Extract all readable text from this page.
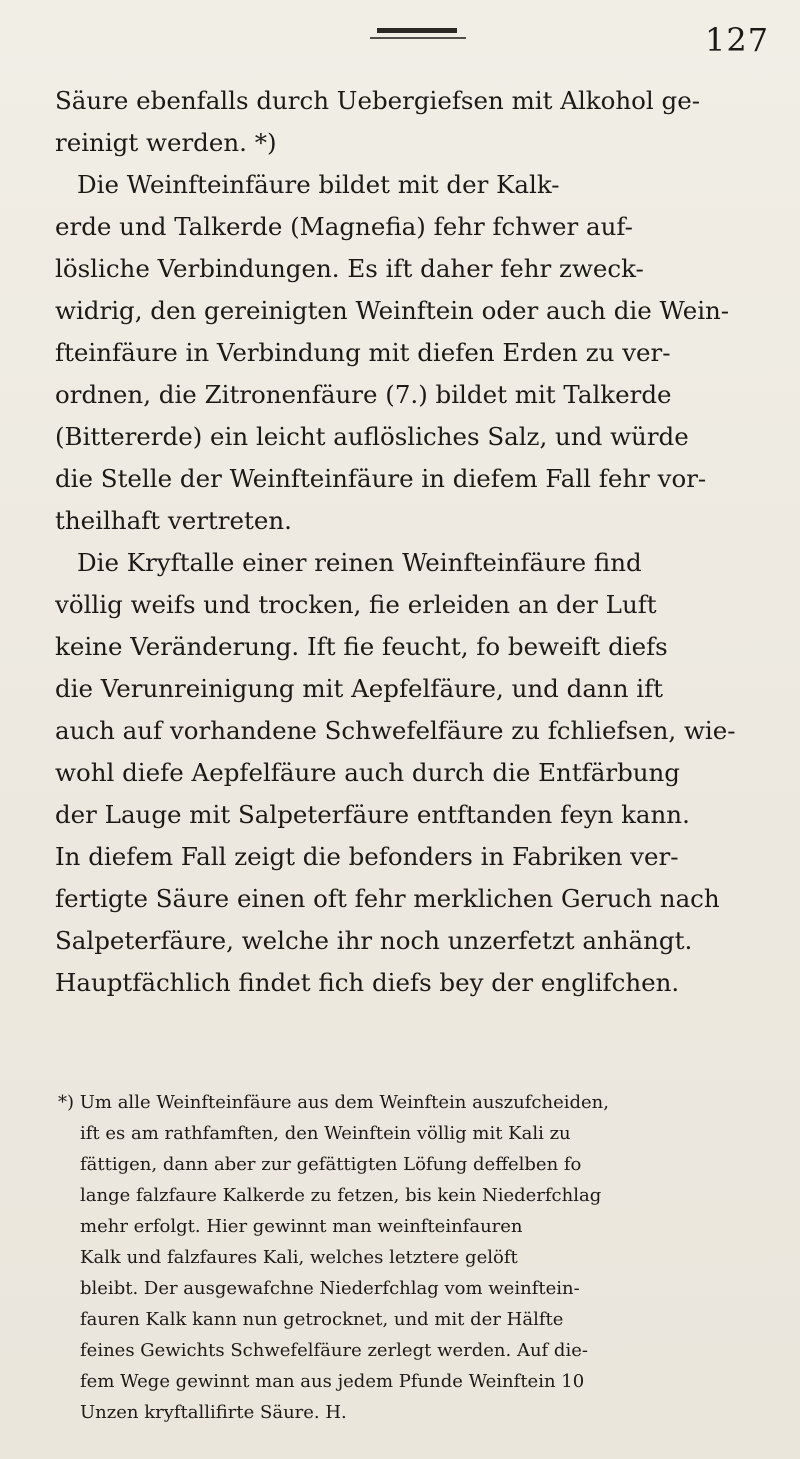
127
Säure ebenfalls durch Uebergiefsen mit Alkohol ge-
reinigt werden. *)
Die Weinfteinfäure bildet mit der Kalk-
erde und Talkerde (Magnefia) fehr fchwer auf-
lösliche Verbindungen. Es ift daher fehr zweck-
widrig, den gereinigten Weinftein oder auch die Wein-
fteinfäure in Verbindung mit diefen Erden zu ver-
ordnen, die Zitronenfäure (7.) bildet mit Talkerde
(Bittererde) ein leicht auflösliches Salz, und würde
die Stelle der Weinfteinfäure in diefem Fall fehr vor-
theilhaft vertreten.
Die Kryftalle einer reinen Weinfteinfäure find
völlig weifs und trocken, fie erleiden an der Luft
keine Veränderung. Ift fie feucht, fo beweift diefs
die Verunreinigung mit Aepfelfäure, und dann ift
auch auf vorhandene Schwefelfäure zu fchliefsen, wie-
wohl diefe Aepfelfäure auch durch die Entfärbung
der Lauge mit Salpeterfäure entftanden feyn kann.
In diefem Fall zeigt die befonders in Fabriken ver-
fertigte Säure einen oft fehr merklichen Geruch nach
Salpeterfäure, welche ihr noch unzerfetzt anhängt.
Hauptfächlich findet fich diefs bey der englifchen.
*) Um alle Weinfteinfäure aus dem Weinftein auszufcheiden,
ift es am rathfamften, den Weinftein völlig mit Kali zu
fättigen, dann aber zur gefättigten Löfung deffelben fo
lange falzfaure Kalkerde zu fetzen, bis kein Niederfchlag
mehr erfolgt. Hier gewinnt man weinfteinfauren
Kalk und falzfaures Kali, welches letztere gelöft
bleibt. Der ausgewafchne Niederfchlag vom weinftein-
fauren Kalk kann nun getrocknet, und mit der Hälfte
feines Gewichts Schwefelfäure zerlegt werden. Auf die-
fem Wege gewinnt man aus jedem Pfunde Weinftein 10
Unzen kryftallifirte Säure. H.
